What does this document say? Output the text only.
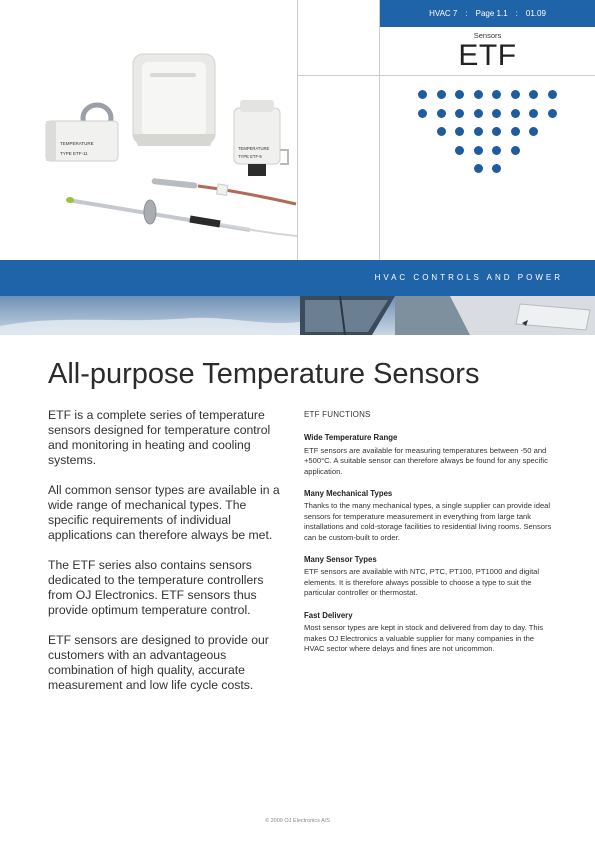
TEMPERATURE
TYPE ETF-11
TEMPERATURE
TYPE ETF-9
HVAC 7 : Page 1.1 : 01.09
Sensors
ETF
HVAC CONTROLS AND POWER
All-purpose Temperature Sensors

ETF is a complete series of temperature sensors designed for temperature control and monitoring in heating and cooling systems.

All common sensor types are available in a wide range of mechanical types. The specific requirements of individual applications can therefore always be met.

The ETF series also contains sensors dedicated to the temperature controllers from OJ Electronics. ETF sensors thus provide optimum temperature control.

ETF sensors are designed to provide our customers with an advantageous combination of high quality, accurate measurement and low life cycle costs.

ETF FUNCTIONS
Wide Temperature Range

ETF sensors are available for measuring temperatures between -50 and +500°C. A suitable sensor can therefore always be found for any specific application.

Many Mechanical Types

Thanks to the many mechanical types, a single supplier can provide ideal sensors for temperature measurement in everything from large tank installations and cold-storage facilities to residential living rooms. Sensors can be custom-built to order.

Many Sensor Types

ETF sensors are available with NTC, PTC, PT100, PT1000 and digital elements. It is therefore always possible to choose a type to suit the particular controller or thermostat.

Fast Delivery

Most sensor types are kept in stock and delivered from day to day. This makes OJ Electronics a valuable supplier for many companies in the HVAC sector where delays and fines are not uncommon.

© 2009 OJ Electronics A/S
